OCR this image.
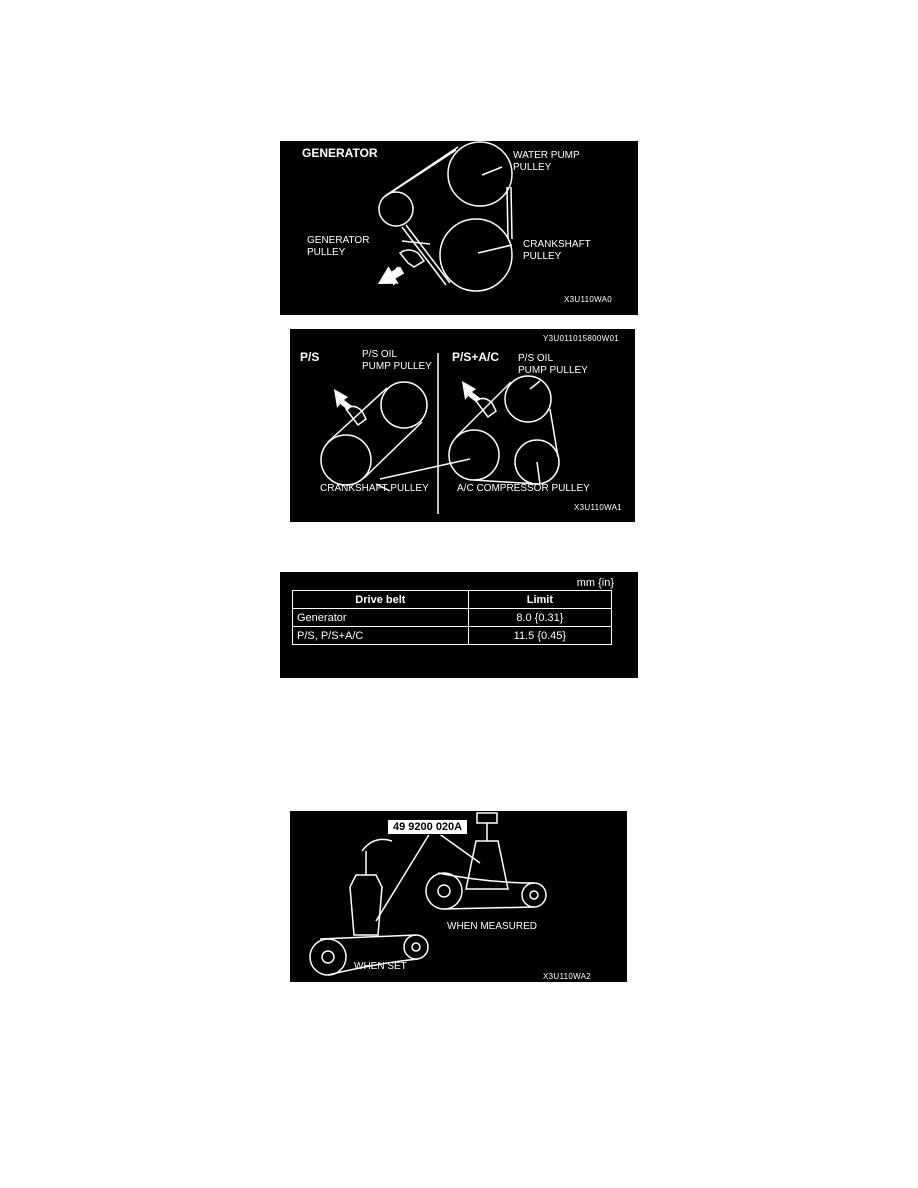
GENERATOR	WATER PUMP
PULLEY
GENERATOR
PULLEY
CRANKSHAFT
PULLEY
X3U110WA0
Y3U011015800W01
P/S	P/S+A/C
P/S OIL
PUMP PULLEY
P/S OIL
PUMP PULLEY
CRANKSHAFT PULLEY	A/C COMPRESSOR PULLEY
X3U110WA1
mm {in}
Drive belt	Limit
Generator	8.0 {0.31}
P/S, P/S+A/C	11.5 {0.45}
49 9200 020A
WHEN MEASURED
WHEN SET
X3U110WA2
